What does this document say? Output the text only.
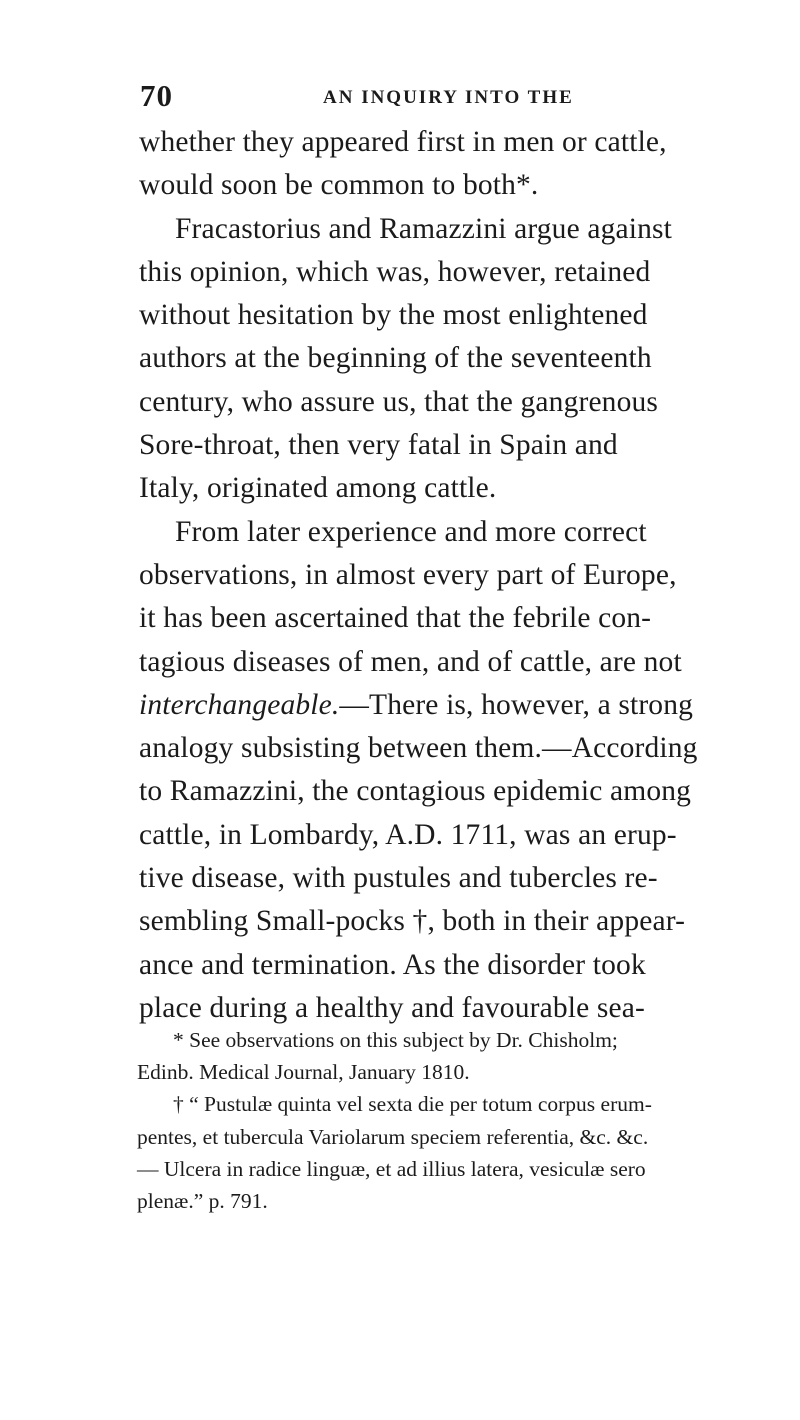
70	AN INQUIRY INTO THE
whether they appeared first in men or cattle,
would soon be common to both*.
Fracastorius and Ramazzini argue against
this opinion, which was, however, retained
without hesitation by the most enlightened
authors at the beginning of the seventeenth
century, who assure us, that the gangrenous
Sore-throat, then very fatal in Spain and
Italy, originated among cattle.
From later experience and more correct
observations, in almost every part of Europe,
it has been ascertained that the febrile con-
tagious diseases of men, and of cattle, are not
interchangeable.—There is, however, a strong
analogy subsisting between them.—According
to Ramazzini, the contagious epidemic among
cattle, in Lombardy, A.D. 1711, was an erup-
tive disease, with pustules and tubercles re-
sembling Small-pocks †, both in their appear-
ance and termination. As the disorder took
place during a healthy and favourable sea-
* See observations on this subject by Dr. Chisholm;
Edinb. Medical Journal, January 1810.
† “ Pustulæ quinta vel sexta die per totum corpus erum-
pentes, et tubercula Variolarum speciem referentia, &c. &c.
— Ulcera in radice linguæ, et ad illius latera, vesiculæ sero
plenæ.” p. 791.
